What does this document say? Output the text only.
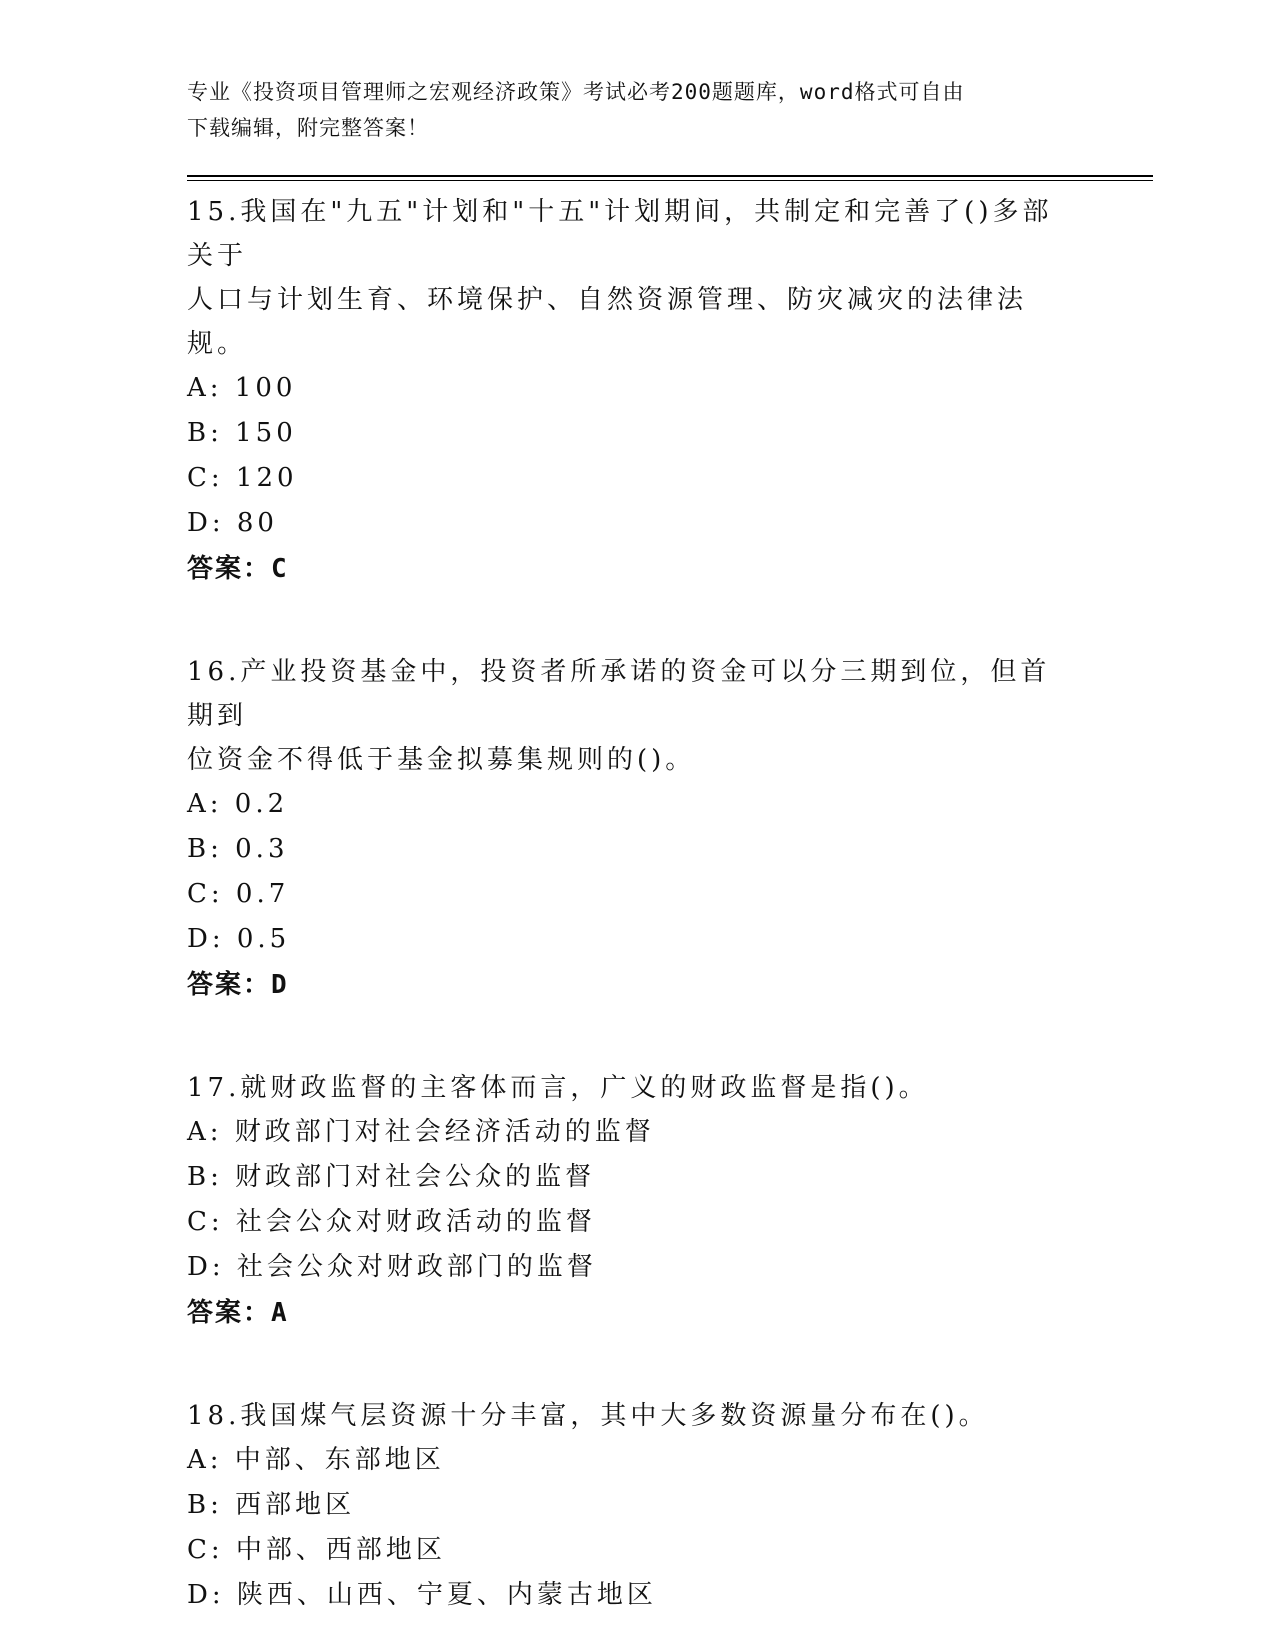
专业《投资项目管理师之宏观经济政策》考试必考200题题库，word格式可自由
下载编辑，附完整答案！

15.我国在"九五"计划和"十五"计划期间，共制定和完善了()多部关于
人口与计划生育、环境保护、自然资源管理、防灾减灾的法律法规。

A: 100

B: 150

C: 120

D: 80

答案：C

16.产业投资基金中，投资者所承诺的资金可以分三期到位，但首期到
位资金不得低于基金拟募集规则的()。

A: 0.2

B: 0.3

C: 0.7

D: 0.5

答案：D

17.就财政监督的主客体而言，广义的财政监督是指()。

A: 财政部门对社会经济活动的监督

B: 财政部门对社会公众的监督

C: 社会公众对财政活动的监督

D: 社会公众对财政部门的监督

答案：A

18.我国煤气层资源十分丰富，其中大多数资源量分布在()。

A: 中部、东部地区

B: 西部地区

C: 中部、西部地区

D: 陕西、山西、宁夏、内蒙古地区
